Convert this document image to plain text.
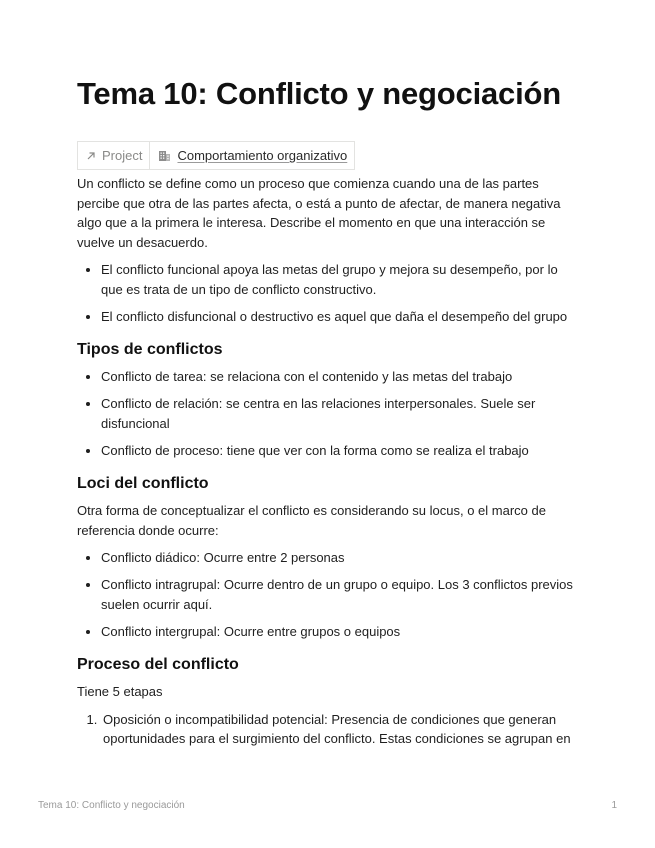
Tema 10: Conflicto y negociación
Project	Comportamiento organizativo

Un conflicto se define como un proceso que comienza cuando una de las partes percibe que otra de las partes afecta, o está a punto de afectar, de manera negativa algo que a la primera le interesa. Describe el momento en que una interacción se vuelve un desacuerdo.

• El conflicto funcional apoya las metas del grupo y mejora su desempeño, por lo que es trata de un tipo de conflicto constructivo.
• El conflicto disfuncional o destructivo es aquel que daña el desempeño del grupo
Tipos de conflictos
• Conflicto de tarea: se relaciona con el contenido y las metas del trabajo
• Conflicto de relación: se centra en las relaciones interpersonales. Suele ser disfuncional
• Conflicto de proceso: tiene que ver con la forma como se realiza el trabajo
Loci del conflicto

Otra forma de conceptualizar el conflicto es considerando su locus, o el marco de referencia donde ocurre:

• Conflicto diádico: Ocurre entre 2 personas
• Conflicto intragrupal: Ocurre dentro de un grupo o equipo. Los 3 conflictos previos suelen ocurrir aquí.
• Conflicto intergrupal: Ocurre entre grupos o equipos
Proceso del conflicto

Tiene 5 etapas

1. Oposición o incompatibilidad potencial: Presencia de condiciones que generan oportunidades para el surgimiento del conflicto. Estas condiciones se agrupan en
Tema 10: Conflicto y negociación	1
